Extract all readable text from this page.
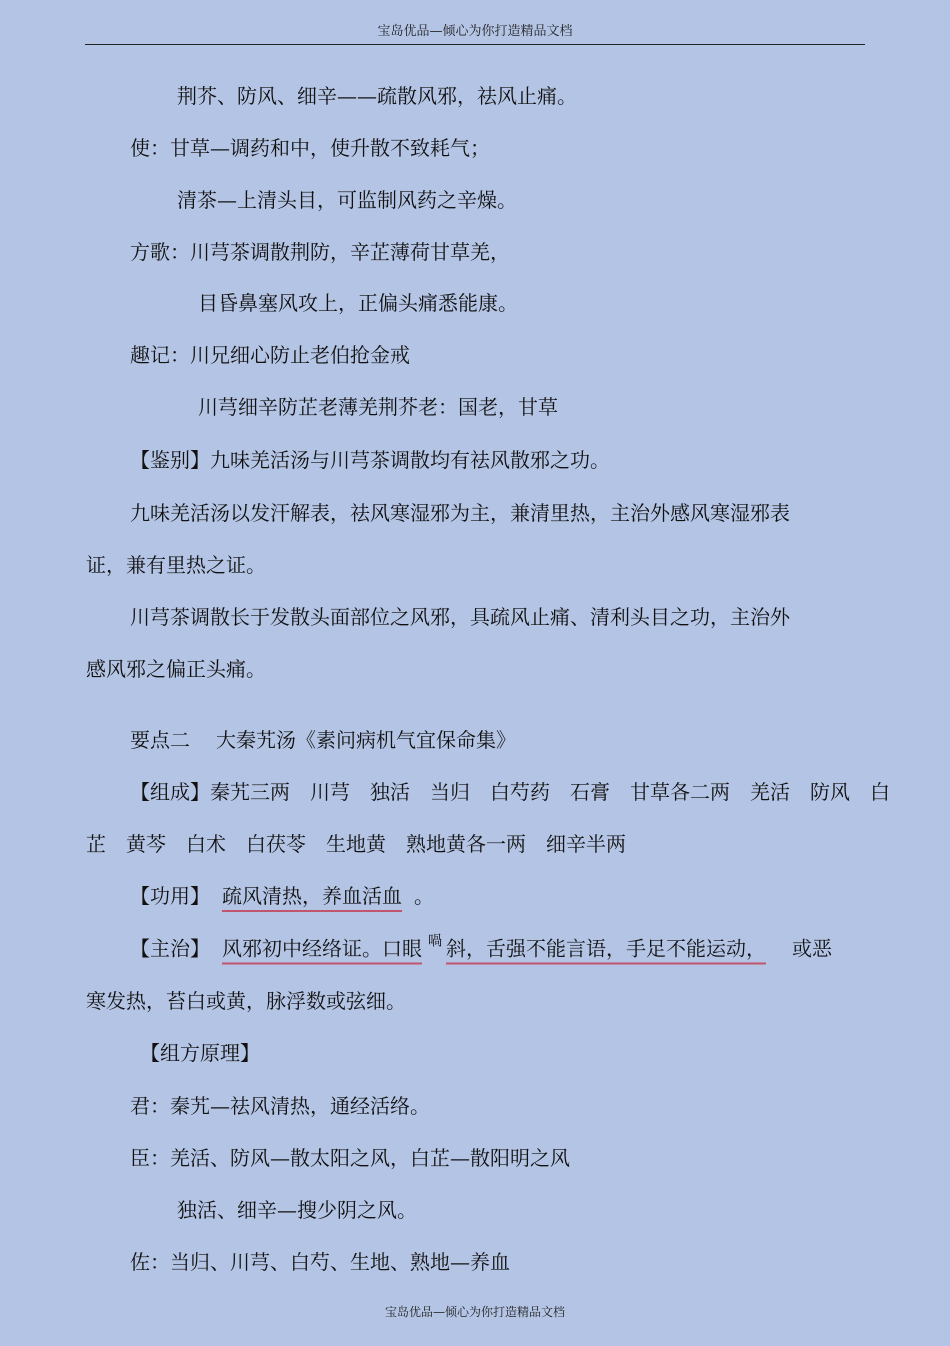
宝岛优品—倾心为你打造精品文档
荆芥、防风、细辛——疏散风邪，祛风止痛。
使：甘草—调药和中，使升散不致耗气；
清茶—上清头目，可监制风药之辛燥。
方歌：川芎茶调散荆防，辛芷薄荷甘草羌，
目昏鼻塞风攻上，正偏头痛悉能康。
趣记：川兄细心防止老伯抢金戒
川芎细辛防芷老薄羌荆芥老：国老，甘草
【鉴别】九味羌活汤与川芎茶调散均有祛风散邪之功。
九味羌活汤以发汗解表，祛风寒湿邪为主，兼清里热，主治外感风寒湿邪表
证，兼有里热之证。
川芎茶调散长于发散头面部位之风邪，具疏风止痛、清利头目之功，主治外
感风邪之偏正头痛。
要点二 大秦艽汤《素问病机气宜保命集》
【组成】秦艽三两　川芎　独活　当归　白芍药　石膏　甘草各二两　羌活　防风　白
芷　黄芩　白术　白茯苓　生地黄　熟地黄各一两　细辛半两
【功用】 疏风清热，养血活血 。
【主治】 风邪初中经络证。口眼 $^喎$ 斜，舌强不能言语，手足不能运动， 或恶
寒发热，苔白或黄，脉浮数或弦细。
【组方原理】
君：秦艽—祛风清热，通经活络。
臣：羌活、防风—散太阳之风，白芷—散阳明之风
独活、细辛—搜少阴之风。
佐：当归、川芎、白芍、生地、熟地—养血
宝岛优品—倾心为你打造精品文档
